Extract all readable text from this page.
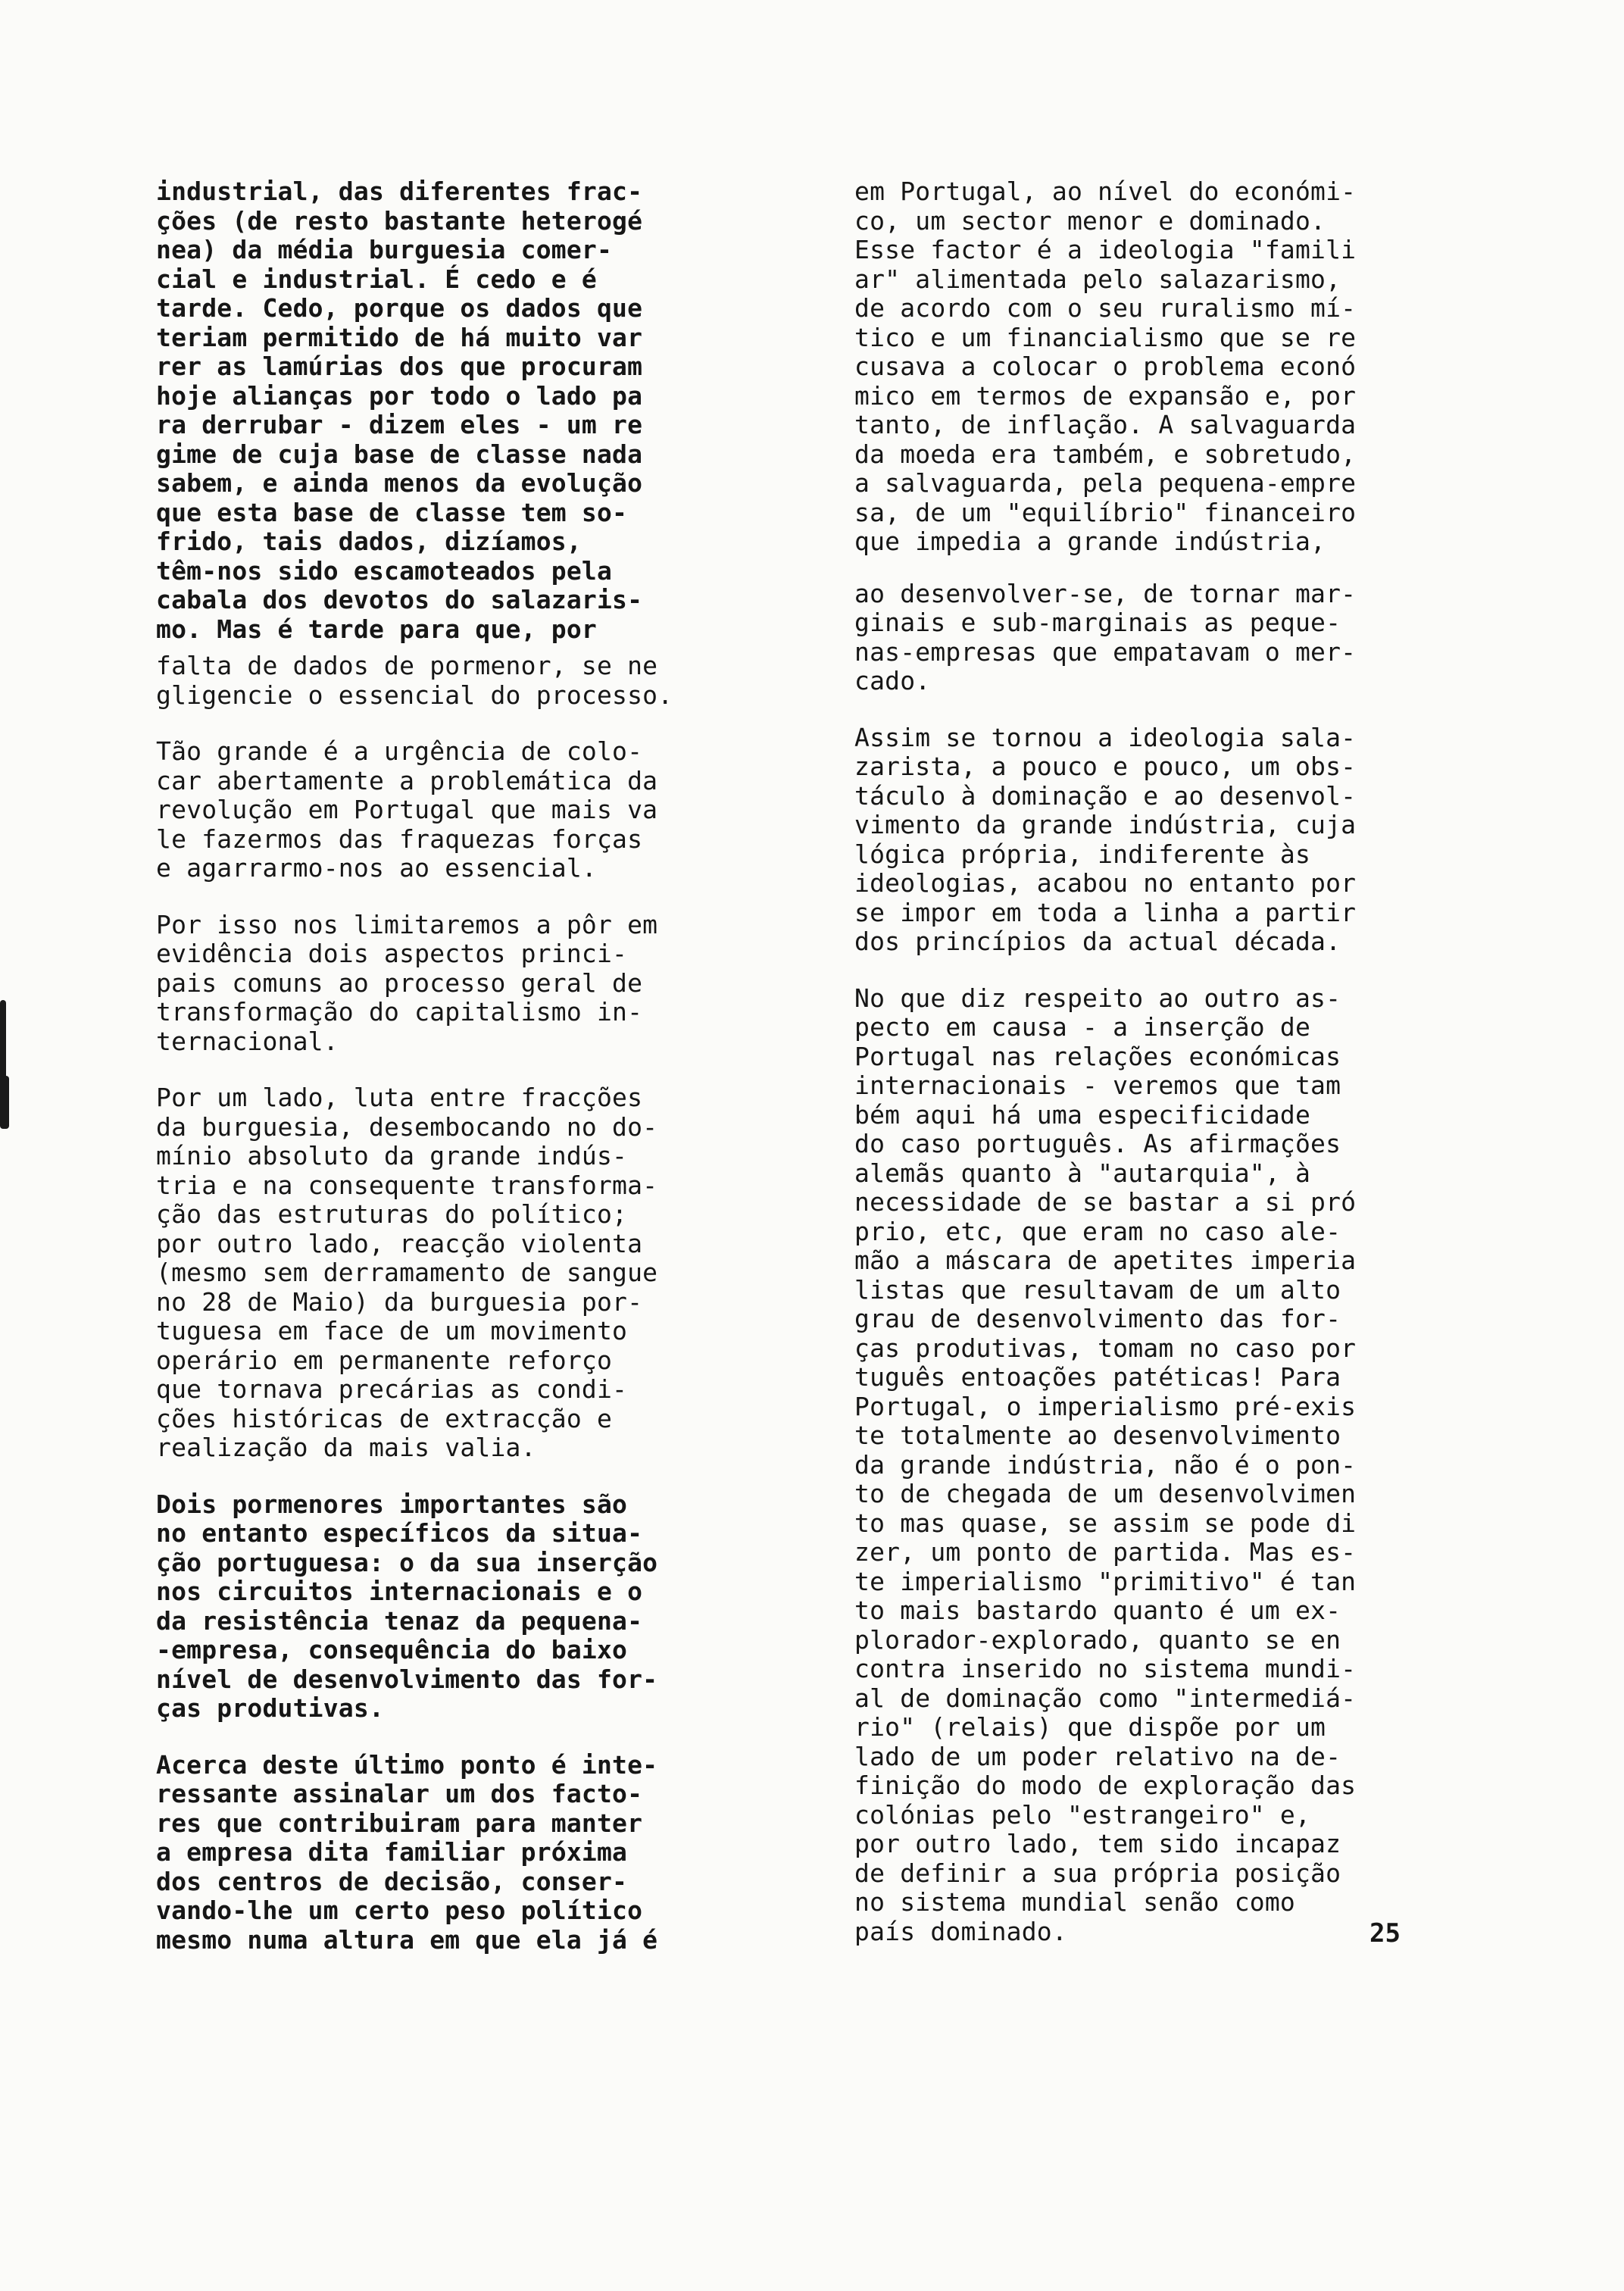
industrial, das diferentes frac-
ções (de resto bastante heterogé
nea) da média burguesia comer-
cial e industrial. É cedo e é
tarde. Cedo, porque os dados que
teriam permitido de há muito var
rer as lamúrias dos que procuram
hoje alianças por todo o lado pa
ra derrubar - dizem eles - um re
gime de cuja base de classe nada
sabem, e ainda menos da evolução
que esta base de classe tem so-
frido, tais dados, dizíamos,
têm-nos sido escamoteados pela
cabala dos devotos do salazaris-
mo. Mas é tarde para que, por
falta de dados de pormenor, se ne
gligencie o essencial do processo.
Tão grande é a urgência de colo-
car abertamente a problemática da
revolução em Portugal que mais va
le fazermos das fraquezas forças
e agarrarmo-nos ao essencial.
Por isso nos limitaremos a pôr em
evidência dois aspectos princi-
pais comuns ao processo geral de
transformação do capitalismo in-
ternacional.
Por um lado, luta entre fracções
da burguesia, desembocando no do-
mínio absoluto da grande indús-
tria e na consequente transforma-
ção das estruturas do político;
por outro lado, reacção violenta
(mesmo sem derramamento de sangue
no 28 de Maio) da burguesia por-
tuguesa em face de um movimento
operário em permanente reforço
que tornava precárias as condi-
ções históricas de extracção e
realização da mais valia.
Dois pormenores importantes são
no entanto específicos da situa-
ção portuguesa: o da sua inserção
nos circuitos internacionais e o
da resistência tenaz da pequena-
-empresa, consequência do baixo
nível de desenvolvimento das for-
ças produtivas.
Acerca deste último ponto é inte-
ressante assinalar um dos facto-
res que contribuiram para manter
a empresa dita familiar próxima
dos centros de decisão, conser-
vando-lhe um certo peso político
mesmo numa altura em que ela já é
em Portugal, ao nível do económi-
co, um sector menor e dominado.
Esse factor é a ideologia "famili
ar" alimentada pelo salazarismo,
de acordo com o seu ruralismo mí-
tico e um financialismo que se re
cusava a colocar o problema econó
mico em termos de expansão e, por
tanto, de inflação. A salvaguarda
da moeda era também, e sobretudo,
a salvaguarda, pela pequena-empre
sa, de um "equilíbrio" financeiro
que impedia a grande indústria,
ao desenvolver-se, de tornar mar-
ginais e sub-marginais as peque-
nas-empresas que empatavam o mer-
cado.
Assim se tornou a ideologia sala-
zarista, a pouco e pouco, um obs-
táculo à dominação e ao desenvol-
vimento da grande indústria, cuja
lógica própria, indiferente às
ideologias, acabou no entanto por
se impor em toda a linha a partir
dos princípios da actual década.
No que diz respeito ao outro as-
pecto em causa - a inserção de
Portugal nas relações económicas
internacionais - veremos que tam
bém aqui há uma especificidade
do caso português. As afirmações
alemãs quanto à "autarquia", à
necessidade de se bastar a si pró
prio, etc, que eram no caso ale-
mão a máscara de apetites imperia
listas que resultavam de um alto
grau de desenvolvimento das for-
ças produtivas, tomam no caso por
tuguês entoações patéticas! Para
Portugal, o imperialismo pré-exis
te totalmente ao desenvolvimento
da grande indústria, não é o pon-
to de chegada de um desenvolvimen
to mas quase, se assim se pode di
zer, um ponto de partida. Mas es-
te imperialismo "primitivo" é tan
to mais bastardo quanto é um ex-
plorador-explorado, quanto se en
contra inserido no sistema mundi-
al de dominação como "intermediá-
rio" (relais) que dispõe por um
lado de um poder relativo na de-
finição do modo de exploração das
colónias pelo "estrangeiro" e,
por outro lado, tem sido incapaz
de definir a sua própria posição
no sistema mundial senão como
país dominado.	25
